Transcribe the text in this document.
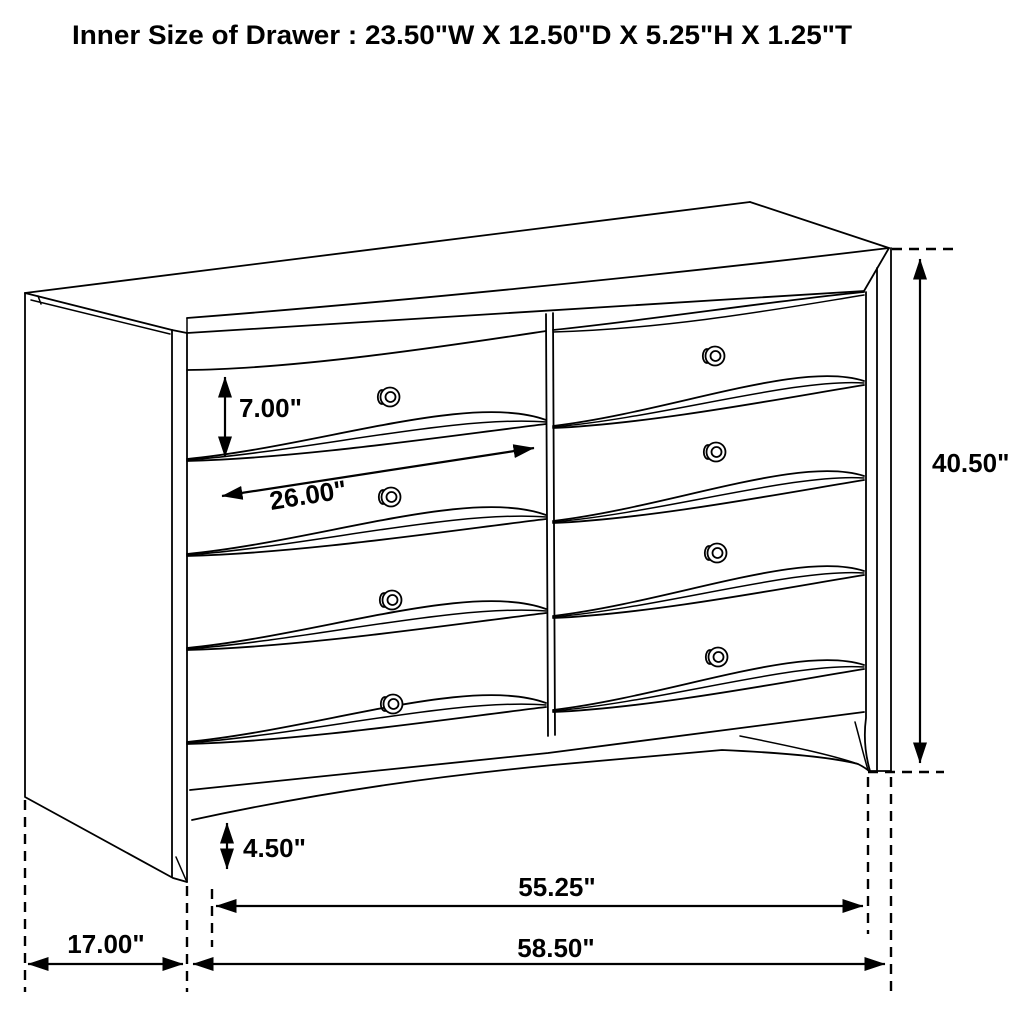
Inner Size of Drawer : 23.50"W X 12.50"D X 5.25"H X 1.25"T
7.00"
26.00"
40.50"
4.50"
55.25"
58.50"
17.00"
